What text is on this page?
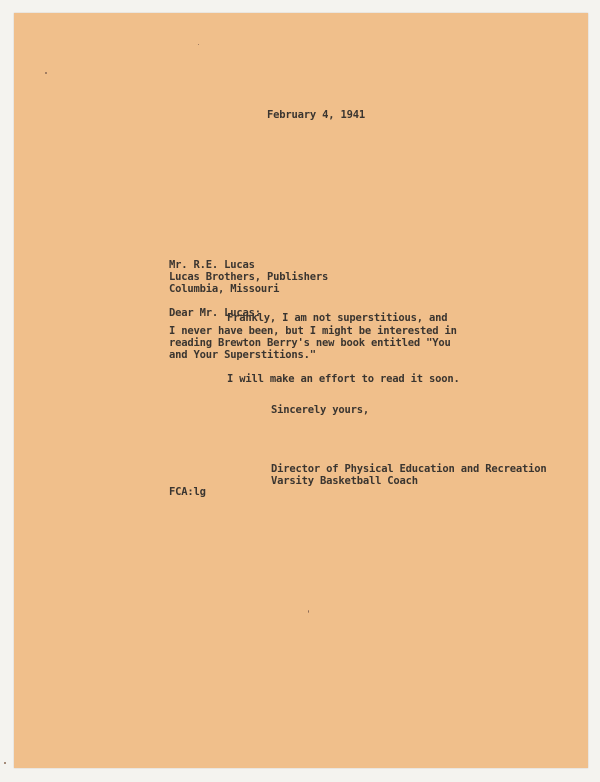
February 4, 1941
Mr. R.E. Lucas
Lucas Brothers, Publishers
Columbia, Missouri
Dear Mr. Lucas:
Frankly, I am not superstitious, and
I never have been, but I might be interested in
reading Brewton Berry's new book entitled "You
and Your Superstitions."
I will make an effort to read it soon.
Sincerely yours,
Director of Physical Education and Recreation
Varsity Basketball Coach
FCA:lg
